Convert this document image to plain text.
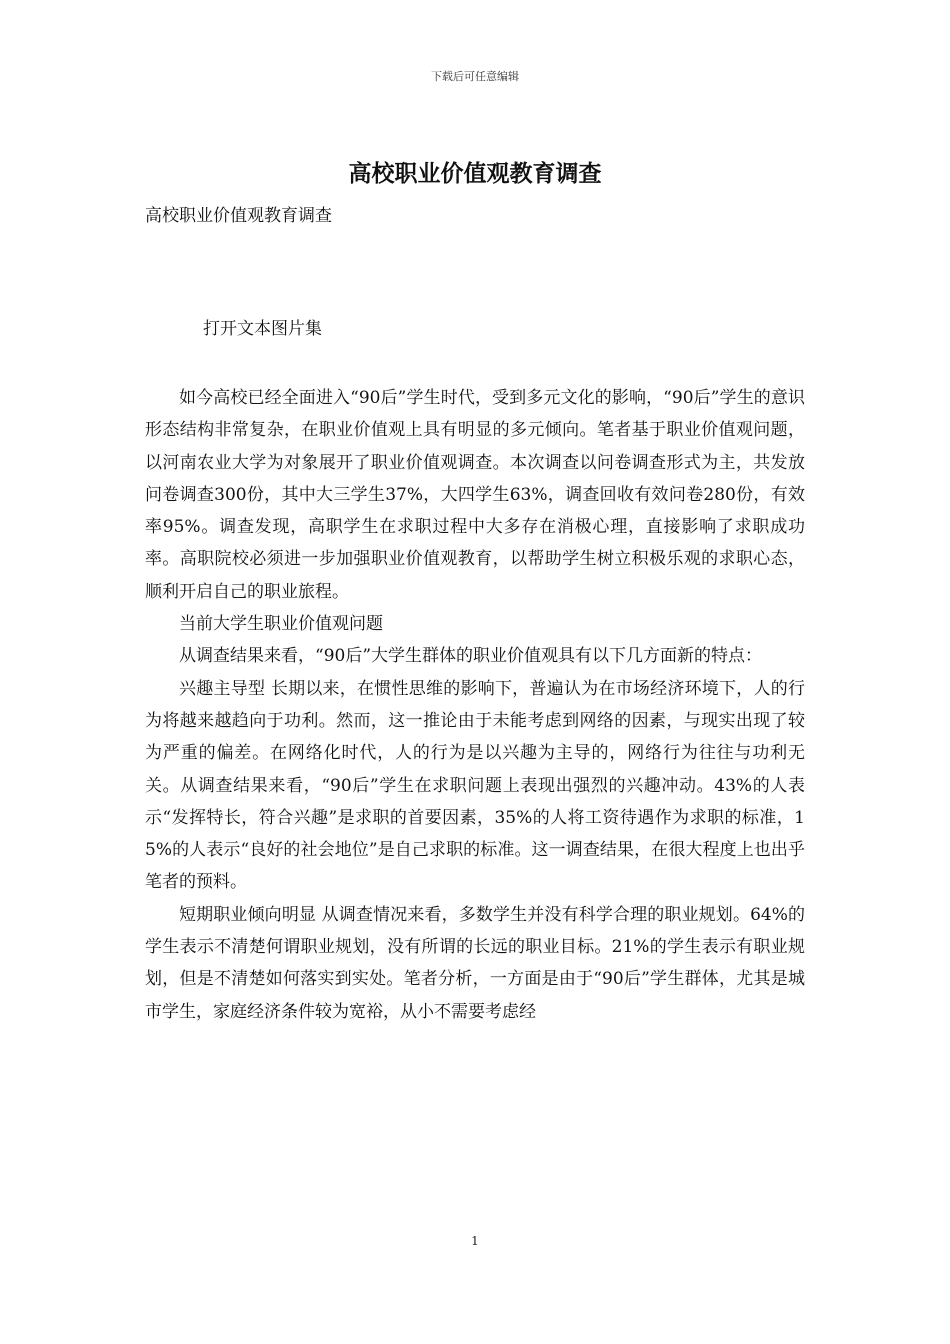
下载后可任意编辑
高校职业价值观教育调查

高校职业价值观教育调查

打开文本图片集

如今高校已经全面进入“90后”学生时代，受到多元文化的影响，“90后”学生的意识形态结构非常复杂，在职业价值观上具有明显的多元倾向。笔者基于职业价值观问题，以河南农业大学为对象展开了职业价值观调查。本次调查以问卷调查形式为主，共发放问卷调查300份，其中大三学生37%，大四学生63%，调查回收有效问卷280份，有效率95%。调查发现，高职学生在求职过程中大多存在消极心理，直接影响了求职成功率。高职院校必须进一步加强职业价值观教育，以帮助学生树立积极乐观的求职心态，顺利开启自己的职业旅程。

当前大学生职业价值观问题

从调查结果来看，“90后”大学生群体的职业价值观具有以下几方面新的特点：

兴趣主导型 长期以来，在惯性思维的影响下，普遍认为在市场经济环境下，人的行为将越来越趋向于功利。然而，这一推论由于未能考虑到网络的因素，与现实出现了较为严重的偏差。在网络化时代，人的行为是以兴趣为主导的，网络行为往往与功利无关。从调查结果来看，“90后”学生在求职问题上表现出强烈的兴趣冲动。43%的人表示“发挥特长，符合兴趣”是求职的首要因素，35%的人将工资待遇作为求职的标准，15%的人表示“良好的社会地位”是自己求职的标准。这一调查结果，在很大程度上也出乎笔者的预料。

短期职业倾向明显 从调查情况来看，多数学生并没有科学合理的职业规划。64%的学生表示不清楚何谓职业规划，没有所谓的长远的职业目标。21%的学生表示有职业规划，但是不清楚如何落实到实处。笔者分析，一方面是由于“90后”学生群体，尤其是城市学生，家庭经济条件较为宽裕，从小不需要考虑经

1
